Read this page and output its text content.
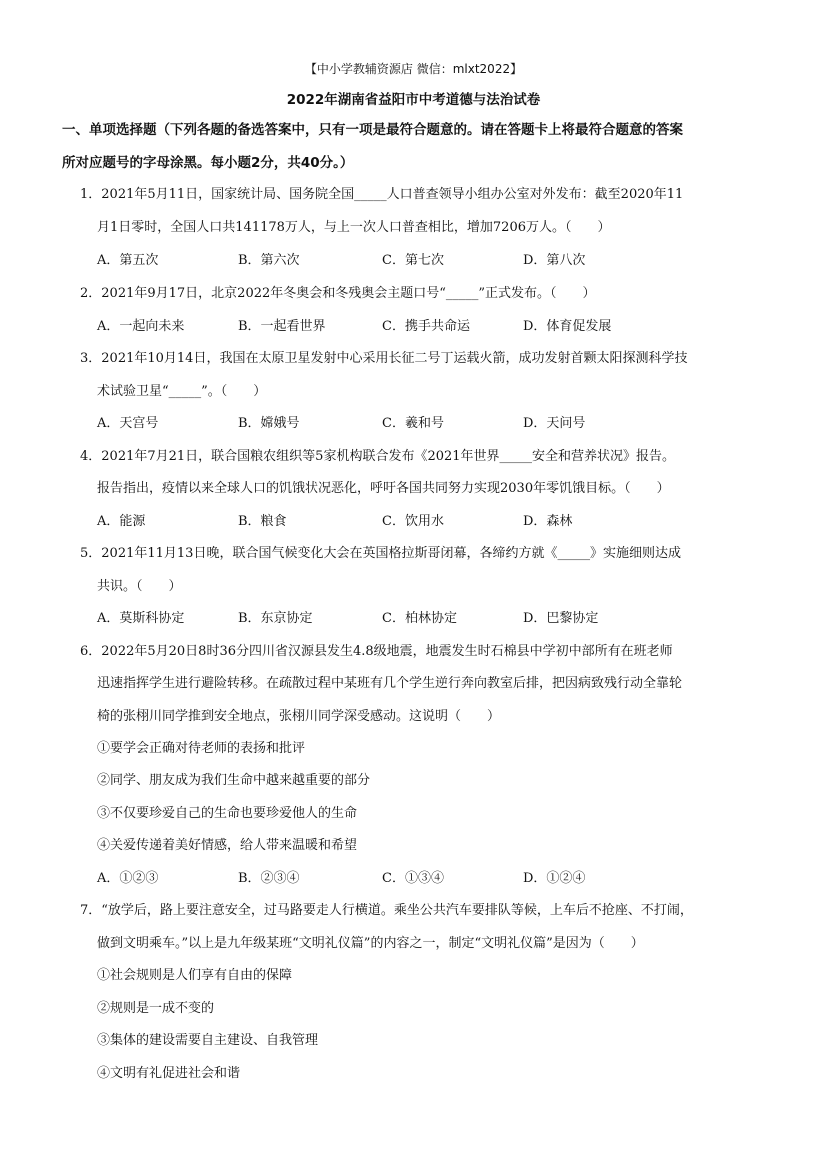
【中小学教辅资源店 微信：mlxt2022】
2022年湖南省益阳市中考道德与法治试卷
一、单项选择题（下列各题的备选答案中，只有一项是最符合题意的。请在答题卡上将最符合题意的答案
所对应题号的字母涂黑。每小题2分，共40分。）
1．2021年5月11日，国家统计局、国务院全国_____人口普查领导小组办公室对外发布：截至2020年11
月1日零时，全国人口共141178万人，与上一次人口普查相比，增加7206万人。（　　）
A．第五次	B．第六次	C．第七次	D．第八次
2．2021年9月17日，北京2022年冬奥会和冬残奥会主题口号“_____”正式发布。（　　）
A．一起向未来	B．一起看世界	C．携手共命运	D．体育促发展
3．2021年10月14日，我国在太原卫星发射中心采用长征二号丁运载火箭，成功发射首颗太阳探测科学技
术试验卫星“_____”。（　　）
A．天宫号	B．嫦娥号	C．羲和号	D．天问号
4．2021年7月21日，联合国粮农组织等5家机构联合发布《2021年世界_____安全和营养状况》报告。
报告指出，疫情以来全球人口的饥饿状况恶化，呼吁各国共同努力实现2030年零饥饿目标。（　　）
A．能源	B．粮食	C．饮用水	D．森林
5．2021年11月13日晚，联合国气候变化大会在英国格拉斯哥闭幕，各缔约方就《_____》实施细则达成
共识。（　　）
A．莫斯科协定	B．东京协定	C．柏林协定	D．巴黎协定
6．2022年5月20日8时36分四川省汉源县发生4.8级地震，地震发生时石棉县中学初中部所有在班老师
迅速指挥学生进行避险转移。在疏散过程中某班有几个学生逆行奔向教室后排，把因病致残行动全靠轮
椅的张栩川同学推到安全地点，张栩川同学深受感动。这说明（　　）
①要学会正确对待老师的表扬和批评
②同学、朋友成为我们生命中越来越重要的部分
③不仅要珍爱自己的生命也要珍爱他人的生命
④关爱传递着美好情感，给人带来温暖和希望
A．①②③	B．②③④	C．①③④	D．①②④
7．“放学后，路上要注意安全，过马路要走人行横道。乘坐公共汽车要排队等候，上车后不抢座、不打闹，
做到文明乘车。”以上是九年级某班“文明礼仪篇”的内容之一，制定“文明礼仪篇”是因为（　　）
①社会规则是人们享有自由的保障
②规则是一成不变的
③集体的建设需要自主建设、自我管理
④文明有礼促进社会和谐
